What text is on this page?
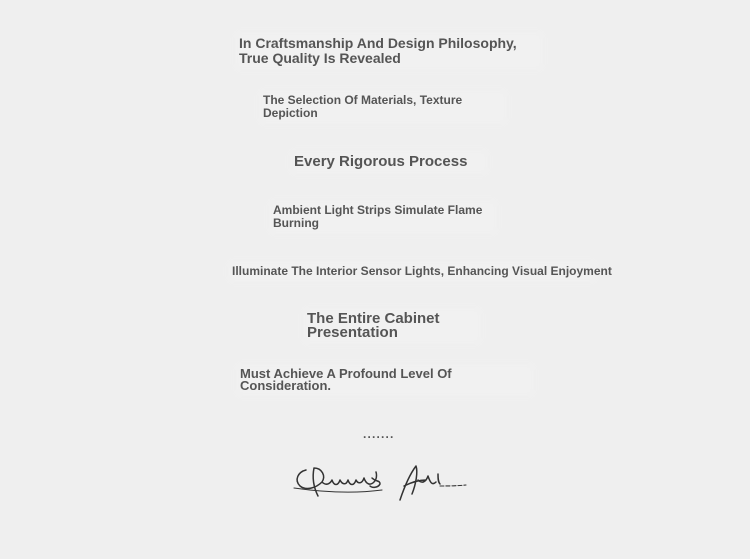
In Craftsmanship And Design Philosophy, True Quality Is Revealed

The Selection Of Materials, Texture Depiction

Every Rigorous Process

Ambient Light Strips Simulate Flame Burning

Illuminate The Interior Sensor Lights, Enhancing Visual Enjoyment

The Entire Cabinet Presentation

Must Achieve A Profound Level Of Consideration.

·······
